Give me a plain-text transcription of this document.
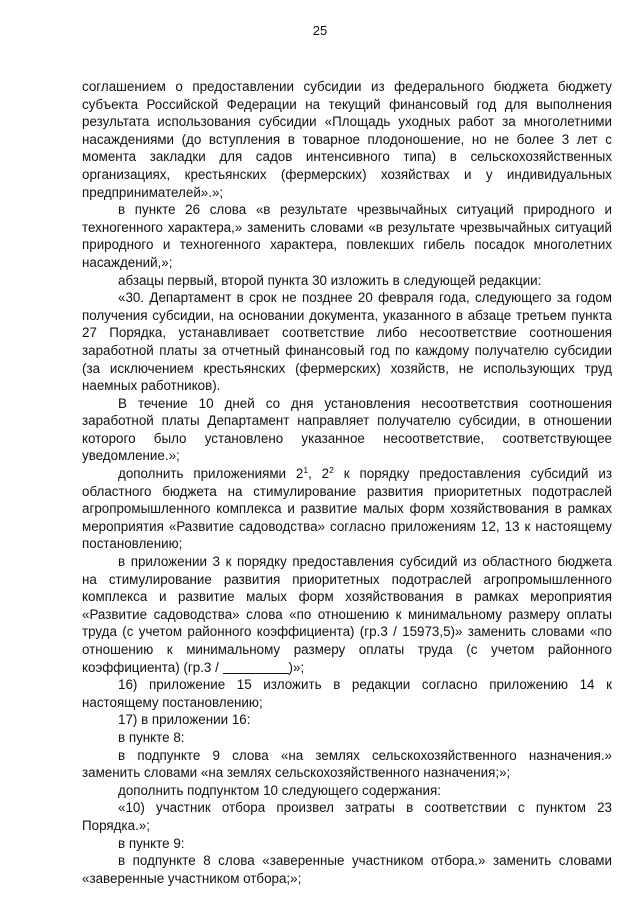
25

соглашением о предоставлении субсидии из федерального бюджета бюджету субъекта Российской Федерации на текущий финансовый год для выполнения результата использования субсидии «Площадь уходных работ за многолетними насаждениями (до вступления в товарное плодоношение, но не более 3 лет с момента закладки для садов интенсивного типа) в сельскохозяйственных организациях, крестьянских (фермерских) хозяйствах и у индивидуальных предпринимателей».»;

в пункте 26 слова «в результате чрезвычайных ситуаций природного и техногенного характера,» заменить словами «в результате чрезвычайных ситуаций природного и техногенного характера, повлекших гибель посадок многолетних насаждений,»;

абзацы первый, второй пункта 30 изложить в следующей редакции:

«30. Департамент в срок не позднее 20 февраля года, следующего за годом получения субсидии, на основании документа, указанного в абзаце третьем пункта 27 Порядка, устанавливает соответствие либо несоответствие соотношения заработной платы за отчетный финансовый год по каждому получателю субсидии (за исключением крестьянских (фермерских) хозяйств, не использующих труд наемных работников).

В течение 10 дней со дня установления несоответствия соотношения заработной платы Департамент направляет получателю субсидии, в отношении которого было установлено указанное несоответствие, соответствующее уведомление.»;

дополнить приложениями $2^1$, $2^2$ к порядку предоставления субсидий из областного бюджета на стимулирование развития приоритетных подотраслей агропромышленного комплекса и развитие малых форм хозяйствования в рамках мероприятия «Развитие садоводства» согласно приложениям 12, 13 к настоящему постановлению;

в приложении 3 к порядку предоставления субсидий из областного бюджета на стимулирование развития приоритетных подотраслей агропромышленного комплекса и развитие малых форм хозяйствования в рамках мероприятия «Развитие садоводства» слова «по отношению к минимальному размеру оплаты труда (с учетом районного коэффициента) (гр.3 / 15973,5)» заменить словами «по отношению к минимальному размеру оплаты труда (с учетом районного коэффициента) (гр.3 /	)»;

16) приложение 15 изложить в редакции согласно приложению 14 к настоящему постановлению;

17) в приложении 16:

в пункте 8:

в подпункте 9 слова «на землях сельскохозяйственного назначения.» заменить словами «на землях сельскохозяйственного назначения;»;

дополнить подпунктом 10 следующего содержания:

«10) участник отбора произвел затраты в соответствии с пунктом 23 Порядка.»;

в пункте 9:

в подпункте 8 слова «заверенные участником отбора.» заменить словами «заверенные участником отбора;»;
